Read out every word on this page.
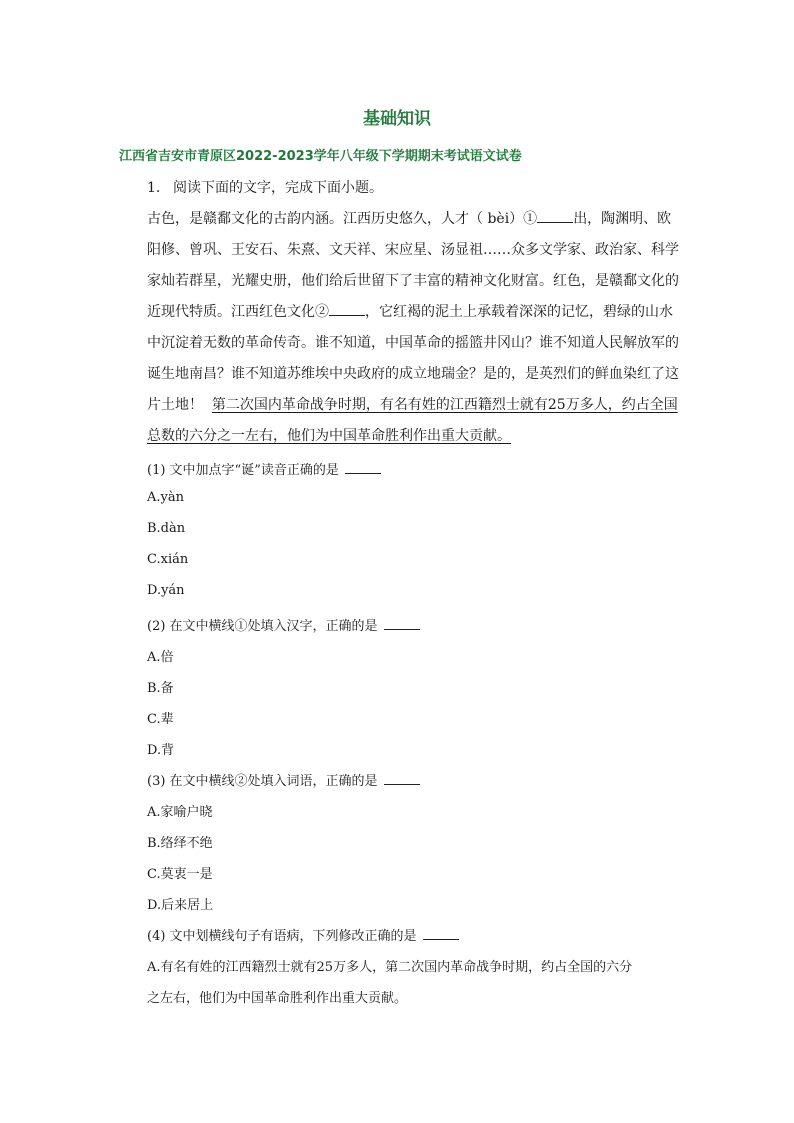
基础知识
江西省吉安市青原区2022-2023学年八年级下学期期末考试语文试卷
1. 阅读下面的文字，完成下面小题。
古色，是赣鄱文化的古韵内涵。江西历史悠久，人才（ bèi）①	出，陶渊明、欧
阳修、曾巩、王安石、朱熹、文天祥、宋应星、汤显祖……众多文学家、政治家、科学
家灿若群星，光耀史册，他们给后世留下了丰富的精神文化财富。红色，是赣鄱文化的
近现代特质。江西红色文化②	，它红褐的泥土上承载着深深的记忆，碧绿的山水
中沉淀着无数的革命传奇。谁不知道，中国革命的摇篮井冈山？谁不知道人民解放军的
诞生地南昌？谁不知道苏维埃中央政府的成立地瑞金？是的，是英烈们的鲜血染红了这
片土地！ 第二次国内革命战争时期，有名有姓的江西籍烈士就有25万多人，约占全国
总数的六分之一左右，他们为中国革命胜利作出重大贡献。
(1) 文中加点字“诞”读音正确的是
A.yàn
B.dàn
C.xián
D.yán
(2) 在文中横线①处填入汉字，正确的是
A.倍
B.备
C.辈
D.背
(3) 在文中横线②处填入词语，正确的是
A.家喻户晓
B.络绎不绝
C.莫衷一是
D.后来居上
(4) 文中划横线句子有语病，下列修改正确的是
A.有名有姓的江西籍烈士就有25万多人，第二次国内革命战争时期，约占全国的六分
之左右，他们为中国革命胜利作出重大贡献。
